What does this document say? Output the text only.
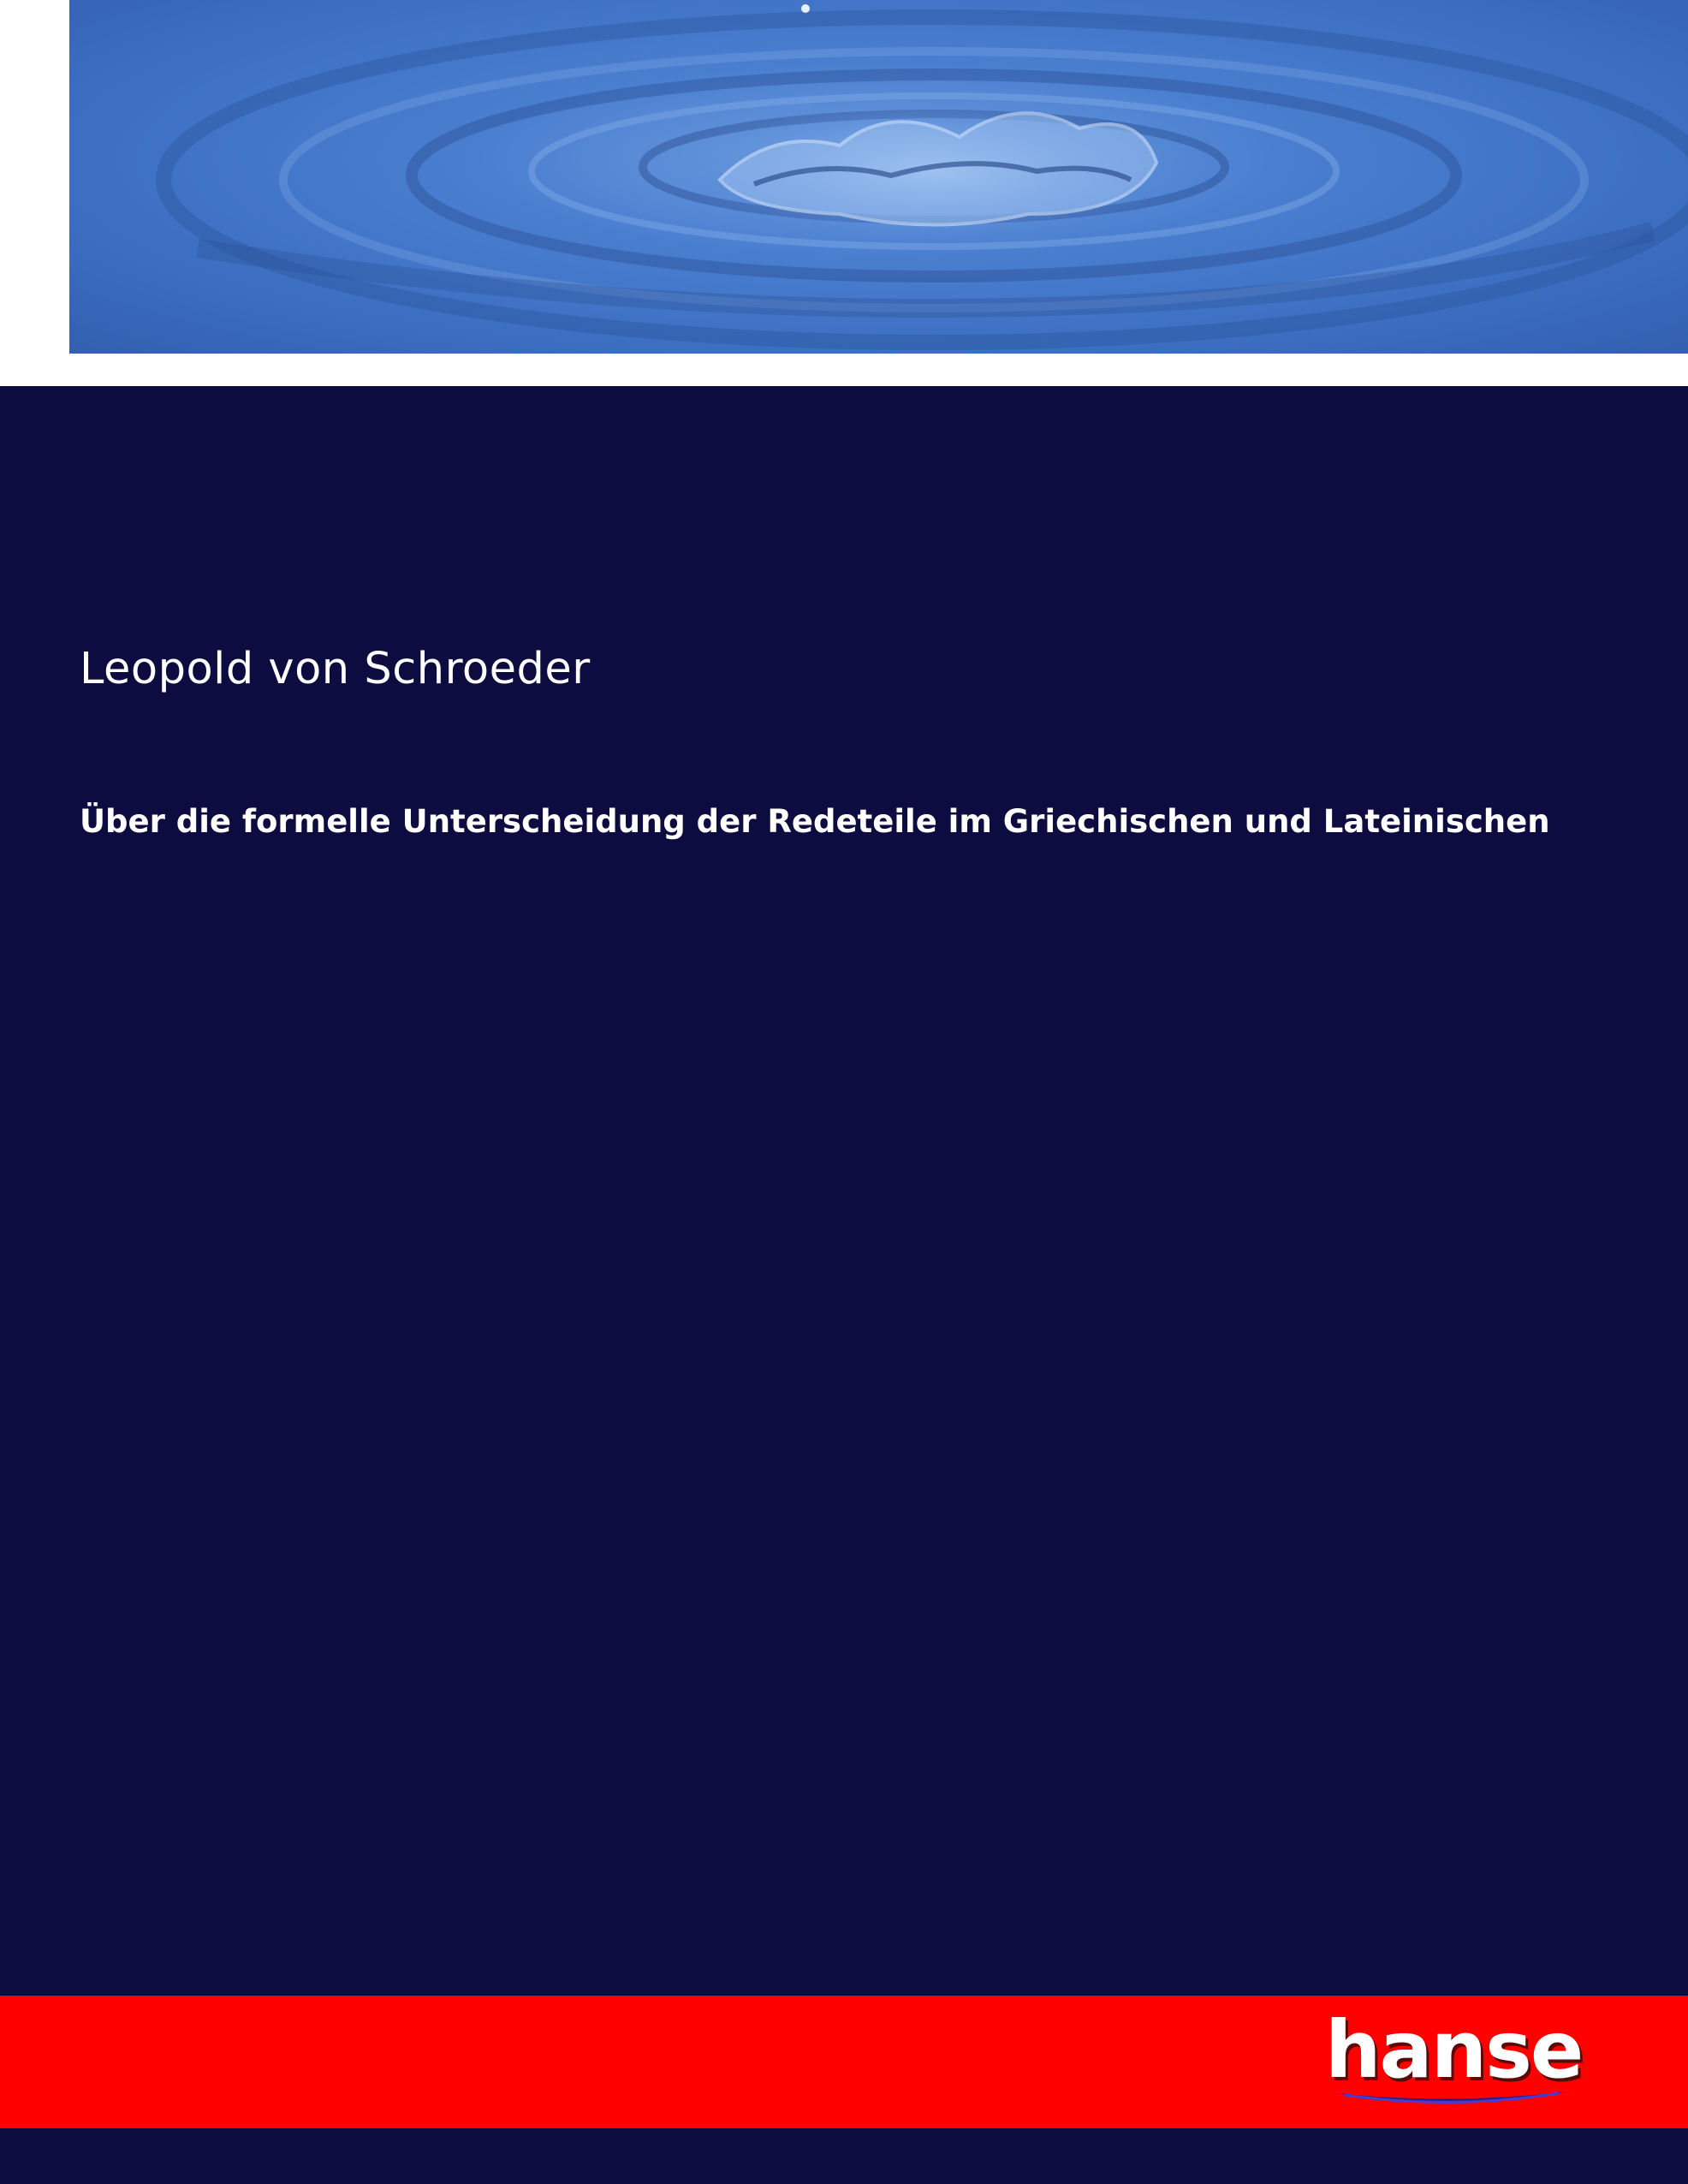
Leopold von Schroeder
Über die formelle Unterscheidung der Redeteile im Griechischen und Lateinischen
hanse
